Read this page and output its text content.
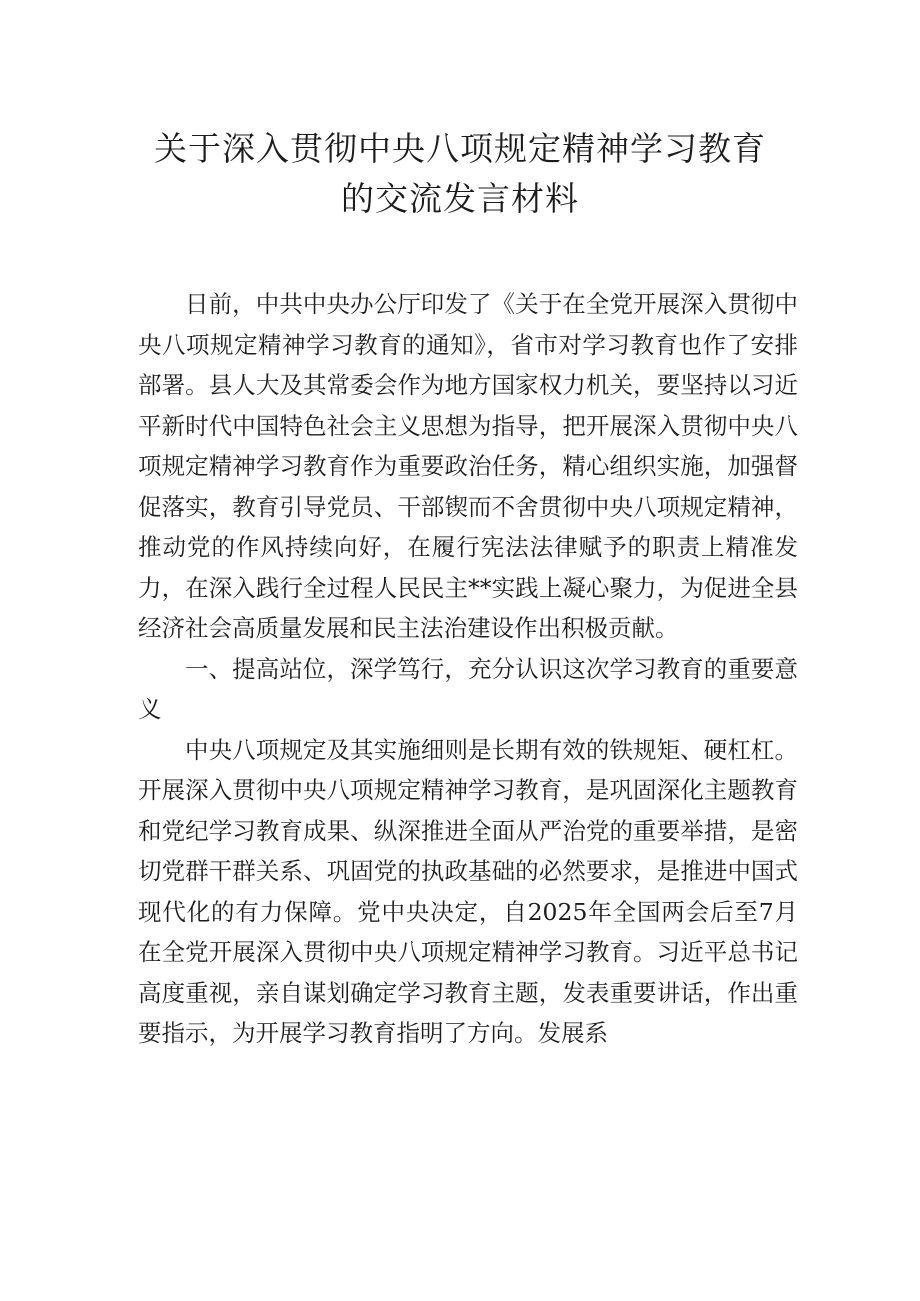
关于深入贯彻中央八项规定精神学习教育
的交流发言材料

日前，中共中央办公厅印发了《关于在全党开展深入贯彻中央八项规定精神学习教育的通知》，省市对学习教育也作了安排部署。县人大及其常委会作为地方国家权力机关，要坚持以习近平新时代中国特色社会主义思想为指导，把开展深入贯彻中央八项规定精神学习教育作为重要政治任务，精心组织实施，加强督促落实，教育引导党员、干部锲而不舍贯彻中央八项规定精神，推动党的作风持续向好，在履行宪法法律赋予的职责上精准发力，在深入践行全过程人民民主**实践上凝心聚力，为促进全县经济社会高质量发展和民主法治建设作出积极贡献。

一、提高站位，深学笃行，充分认识这次学习教育的重要意义

中央八项规定及其实施细则是长期有效的铁规矩、硬杠杠。开展深入贯彻中央八项规定精神学习教育，是巩固深化主题教育和党纪学习教育成果、纵深推进全面从严治党的重要举措，是密切党群干群关系、巩固党的执政基础的必然要求，是推进中国式现代化的有力保障。党中央决定，自2025年全国两会后至7月在全党开展深入贯彻中央八项规定精神学习教育。习近平总书记高度重视，亲自谋划确定学习教育主题，发表重要讲话，作出重要指示，为开展学习教育指明了方向。发展系
